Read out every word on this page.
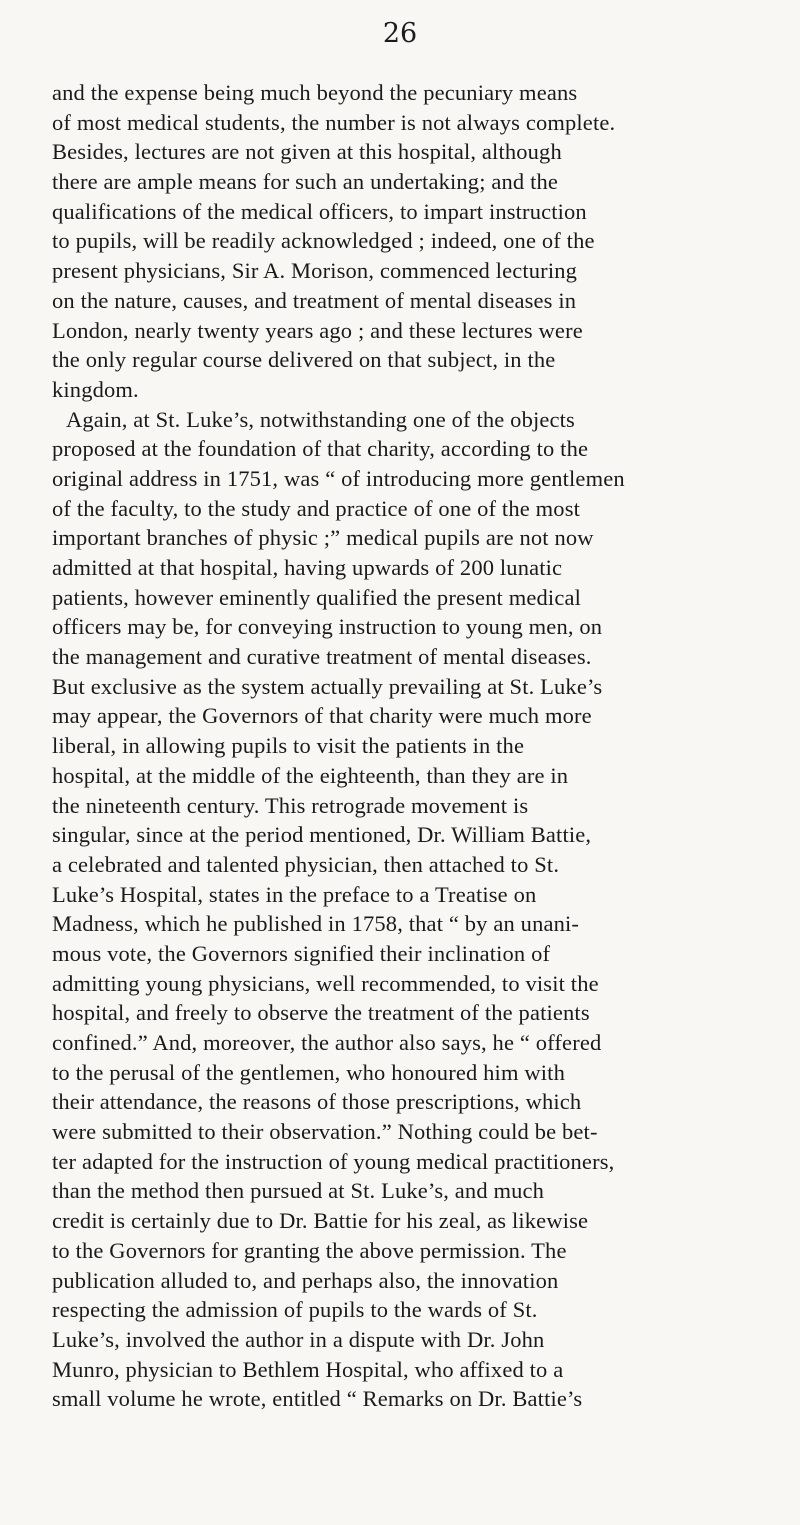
26

and the expense being much beyond the pecuniary means
of most medical students, the number is not always complete.
Besides, lectures are not given at this hospital, although
there are ample means for such an undertaking; and the
qualifications of the medical officers, to impart instruction
to pupils, will be readily acknowledged ; indeed, one of the
present physicians, Sir A. Morison, commenced lecturing
on the nature, causes, and treatment of mental diseases in
London, nearly twenty years ago ; and these lectures were
the only regular course delivered on that subject, in the
kingdom.
Again, at St. Luke’s, notwithstanding one of the objects
proposed at the foundation of that charity, according to the
original address in 1751, was “ of introducing more gentlemen
of the faculty, to the study and practice of one of the most
important branches of physic ;” medical pupils are not now
admitted at that hospital, having upwards of 200 lunatic
patients, however eminently qualified the present medical
officers may be, for conveying instruction to young men, on
the management and curative treatment of mental diseases.
But exclusive as the system actually prevailing at St. Luke’s
may appear, the Governors of that charity were much more
liberal, in allowing pupils to visit the patients in the
hospital, at the middle of the eighteenth, than they are in
the nineteenth century. This retrograde movement is
singular, since at the period mentioned, Dr. William Battie,
a celebrated and talented physician, then attached to St.
Luke’s Hospital, states in the preface to a Treatise on
Madness, which he published in 1758, that “ by an unani-
mous vote, the Governors signified their inclination of
admitting young physicians, well recommended, to visit the
hospital, and freely to observe the treatment of the patients
confined.” And, moreover, the author also says, he “ offered
to the perusal of the gentlemen, who honoured him with
their attendance, the reasons of those prescriptions, which
were submitted to their observation.” Nothing could be bet-
ter adapted for the instruction of young medical practitioners,
than the method then pursued at St. Luke’s, and much
credit is certainly due to Dr. Battie for his zeal, as likewise
to the Governors for granting the above permission. The
publication alluded to, and perhaps also, the innovation
respecting the admission of pupils to the wards of St.
Luke’s, involved the author in a dispute with Dr. John
Munro, physician to Bethlem Hospital, who affixed to a
small volume he wrote, entitled “ Remarks on Dr. Battie’s
